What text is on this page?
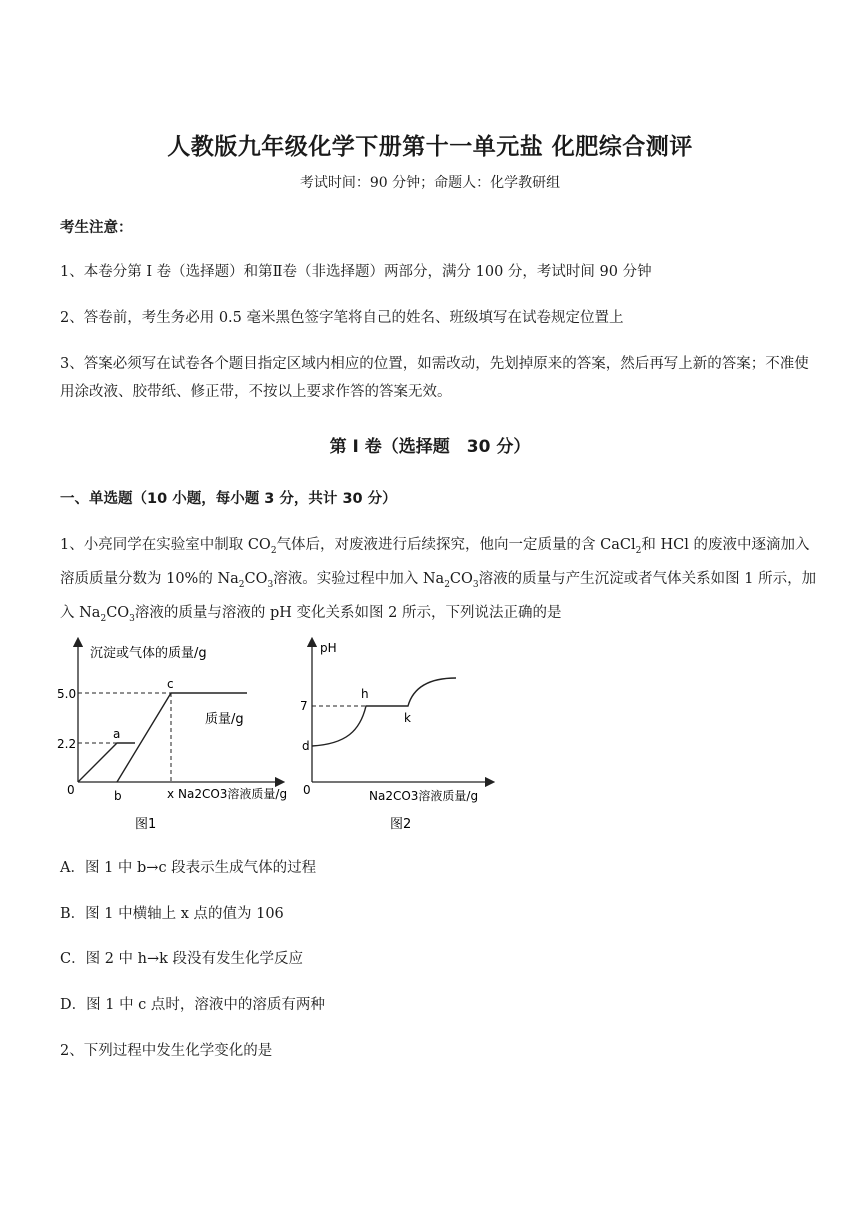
人教版九年级化学下册第十一单元盐 化肥综合测评
考试时间：90 分钟；命题人：化学教研组
考生注意：
1、本卷分第 I 卷（选择题）和第Ⅱ卷（非选择题）两部分，满分 100 分，考试时间 90 分钟
2、答卷前，考生务必用 0.5 毫米黑色签字笔将自己的姓名、班级填写在试卷规定位置上
3、答案必须写在试卷各个题目指定区域内相应的位置，如需改动，先划掉原来的答案，然后再写上新的答案；不准使用涂改液、胶带纸、修正带，不按以上要求作答的答案无效。
第 I 卷（选择题　30 分）
一、单选题（10 小题，每小题 3 分，共计 30 分）
1、小亮同学在实验室中制取 $CO_2$气体后，对废液进行后续探究，他向一定质量的含 CaCl$_2$和 HCl 的废液中逐滴加入溶质质量分数为 10%的 $Na_2CO_3$溶液。实验过程中加入 $Na_2CO_3$溶液的质量与产生沉淀或者气体关系如图 1 所示，加入 $Na_2CO_3$溶液的质量与溶液的 pH 变化关系如图 2 所示，下列说法正确的是
沉淀或气体的质量/g
5.0
2.2
0
a
b
c
x
质量/g
Na2CO3溶液质量/g
图1
pH
7
0
d
h
k
Na2CO3溶液质量/g
图2
A．图 1 中 b→c 段表示生成气体的过程
B．图 1 中横轴上 x 点的值为 106
C．图 2 中 h→k 段没有发生化学反应
D．图 1 中 c 点时，溶液中的溶质有两种
2、下列过程中发生化学变化的是
